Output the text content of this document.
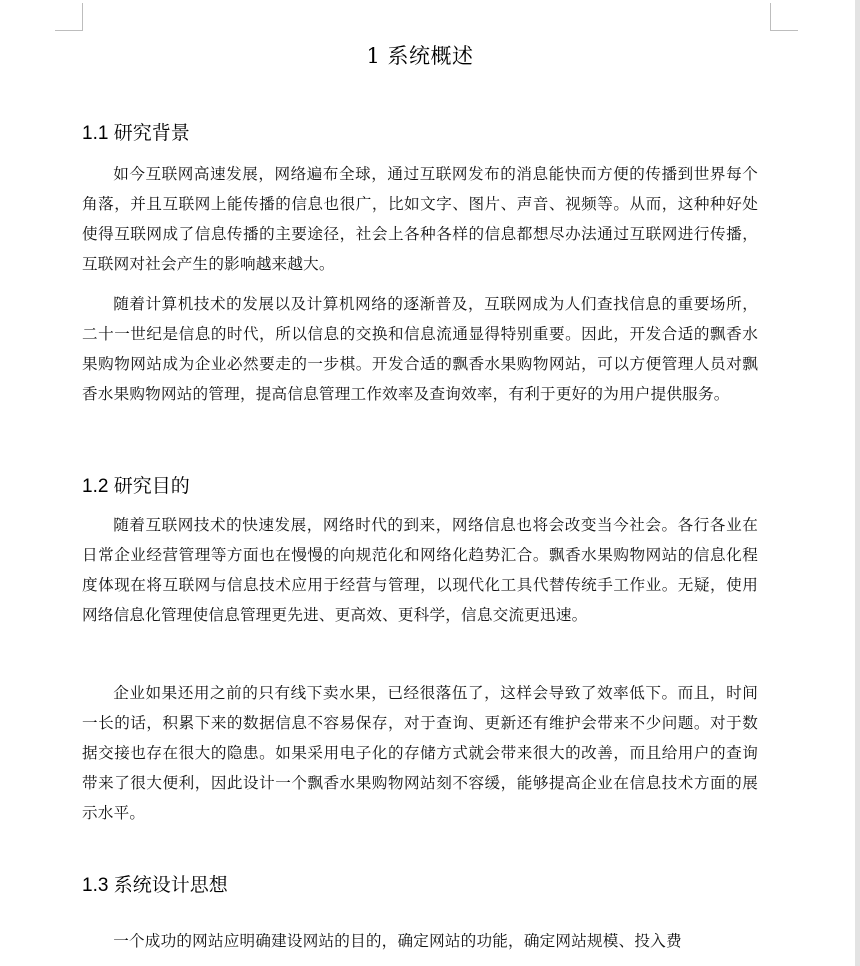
1 系统概述
1.1 研究背景
如今互联网高速发展，网络遍布全球，通过互联网发布的消息能快而方便的传播到世界每个角落，并且互联网上能传播的信息也很广，比如文字、图片、声音、视频等。从而，这种种好处使得互联网成了信息传播的主要途径，社会上各种各样的信息都想尽办法通过互联网进行传播，互联网对社会产生的影响越来越大。
随着计算机技术的发展以及计算机网络的逐渐普及，互联网成为人们查找信息的重要场所，二十一世纪是信息的时代，所以信息的交换和信息流通显得特别重要。因此，开发合适的飘香水果购物网站成为企业必然要走的一步棋。开发合适的飘香水果购物网站，可以方便管理人员对飘香水果购物网站的管理，提高信息管理工作效率及查询效率，有利于更好的为用户提供服务。
1.2 研究目的
随着互联网技术的快速发展，网络时代的到来，网络信息也将会改变当今社会。各行各业在日常企业经营管理等方面也在慢慢的向规范化和网络化趋势汇合。飘香水果购物网站的信息化程度体现在将互联网与信息技术应用于经营与管理，以现代化工具代替传统手工作业。无疑，使用网络信息化管理使信息管理更先进、更高效、更科学，信息交流更迅速。
企业如果还用之前的只有线下卖水果，已经很落伍了，这样会导致了效率低下。而且，时间一长的话，积累下来的数据信息不容易保存，对于查询、更新还有维护会带来不少问题。对于数据交接也存在很大的隐患。如果采用电子化的存储方式就会带来很大的改善，而且给用户的查询带来了很大便利，因此设计一个飘香水果购物网站刻不容缓，能够提高企业在信息技术方面的展示水平。
1.3 系统设计思想
一个成功的网站应明确建设网站的目的，确定网站的功能，确定网站规模、投入费
